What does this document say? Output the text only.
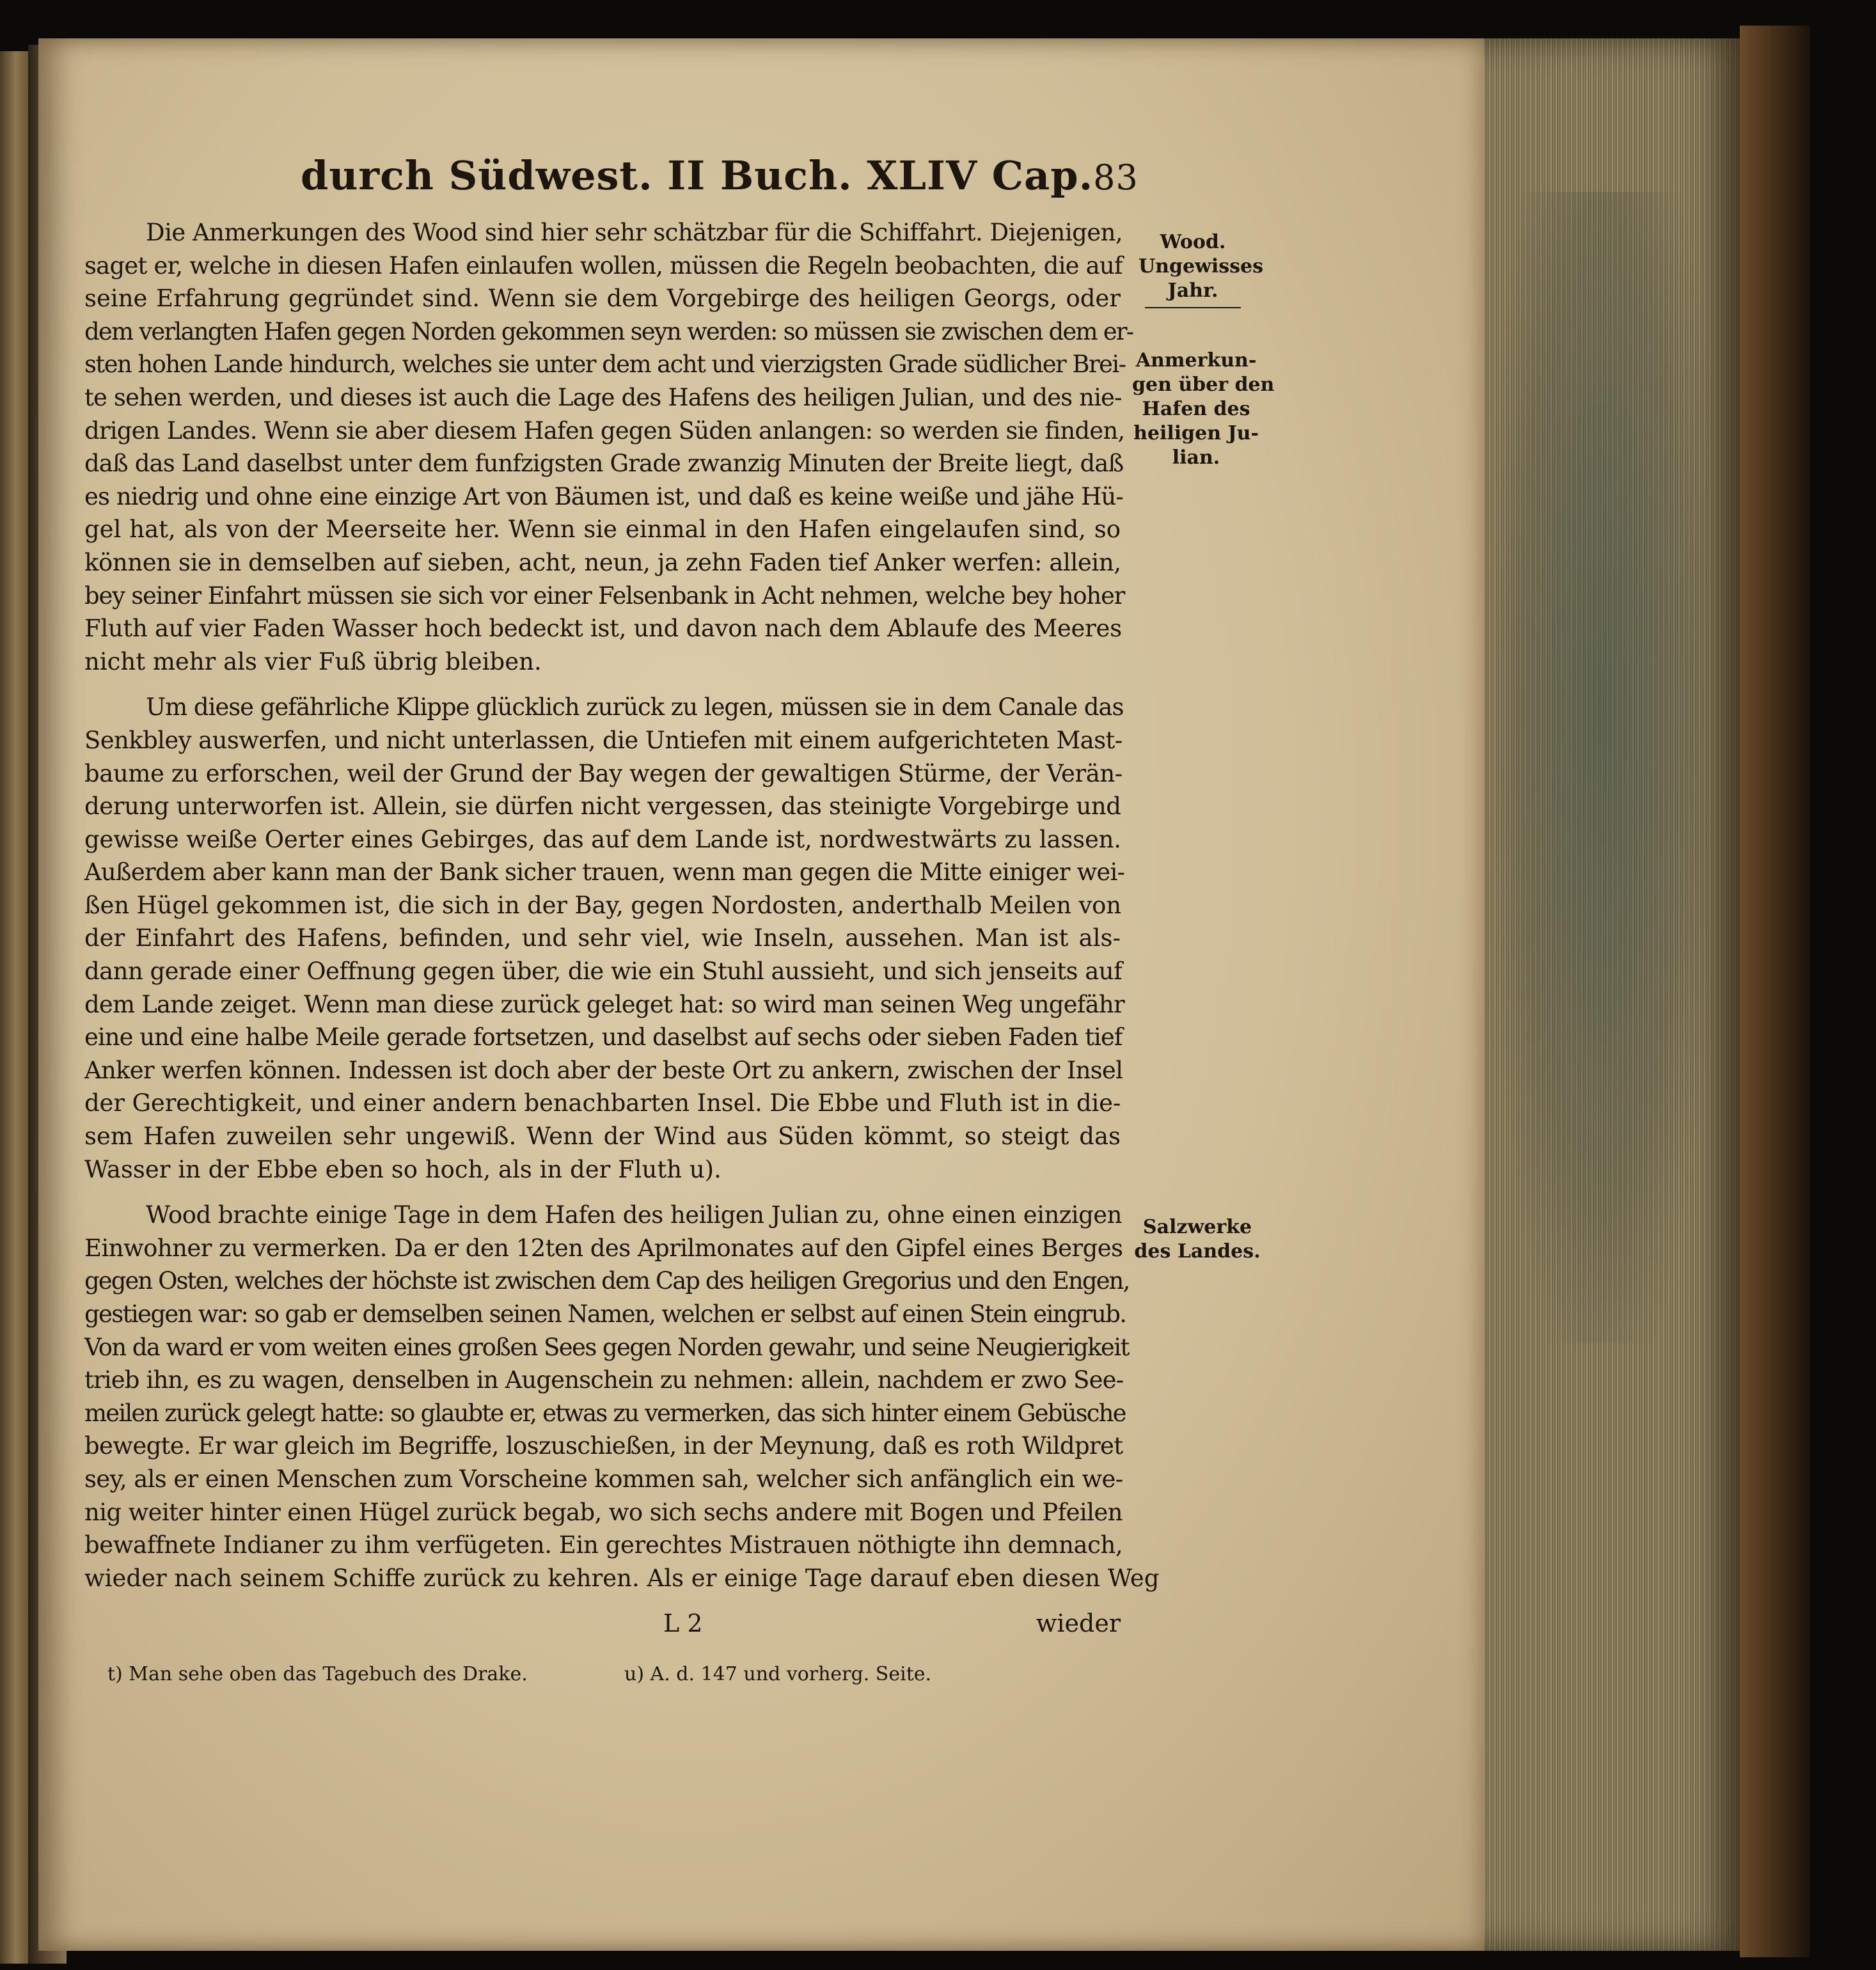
durch Südwest. II Buch. XLIV Cap. 83

Die Anmerkungen des Wood sind hier sehr schätzbar für die Schiffahrt. Diejenigen,
saget er, welche in diesen Hafen einlaufen wollen, müssen die Regeln beobachten, die auf
seine Erfahrung gegründet sind. Wenn sie dem Vorgebirge des heiligen Georgs, oder
dem verlangten Hafen gegen Norden gekommen seyn werden: so müssen sie zwischen dem er-
sten hohen Lande hindurch, welches sie unter dem acht und vierzigsten Grade südlicher Brei-
te sehen werden, und dieses ist auch die Lage des Hafens des heiligen Julian, und des nie-
drigen Landes. Wenn sie aber diesem Hafen gegen Süden anlangen: so werden sie finden,
daß das Land daselbst unter dem funfzigsten Grade zwanzig Minuten der Breite liegt, daß
es niedrig und ohne eine einzige Art von Bäumen ist, und daß es keine weiße und jähe Hü-
gel hat, als von der Meerseite her. Wenn sie einmal in den Hafen eingelaufen sind, so
können sie in demselben auf sieben, acht, neun, ja zehn Faden tief Anker werfen: allein,
bey seiner Einfahrt müssen sie sich vor einer Felsenbank in Acht nehmen, welche bey hoher
Fluth auf vier Faden Wasser hoch bedeckt ist, und davon nach dem Ablaufe des Meeres
nicht mehr als vier Fuß übrig bleiben.

Um diese gefährliche Klippe glücklich zurück zu legen, müssen sie in dem Canale das
Senkbley auswerfen, und nicht unterlassen, die Untiefen mit einem aufgerichteten Mast-
baume zu erforschen, weil der Grund der Bay wegen der gewaltigen Stürme, der Verän-
derung unterworfen ist. Allein, sie dürfen nicht vergessen, das steinigte Vorgebirge und
gewisse weiße Oerter eines Gebirges, das auf dem Lande ist, nordwestwärts zu lassen.
Außerdem aber kann man der Bank sicher trauen, wenn man gegen die Mitte einiger wei-
ßen Hügel gekommen ist, die sich in der Bay, gegen Nordosten, anderthalb Meilen von
der Einfahrt des Hafens, befinden, und sehr viel, wie Inseln, aussehen. Man ist als-
dann gerade einer Oeffnung gegen über, die wie ein Stuhl aussieht, und sich jenseits auf
dem Lande zeiget. Wenn man diese zurück geleget hat: so wird man seinen Weg ungefähr
eine und eine halbe Meile gerade fortsetzen, und daselbst auf sechs oder sieben Faden tief
Anker werfen können. Indessen ist doch aber der beste Ort zu ankern, zwischen der Insel
der Gerechtigkeit, und einer andern benachbarten Insel. Die Ebbe und Fluth ist in die-
sem Hafen zuweilen sehr ungewiß. Wenn der Wind aus Süden kömmt, so steigt das
Wasser in der Ebbe eben so hoch, als in der Fluth u).

Wood brachte einige Tage in dem Hafen des heiligen Julian zu, ohne einen einzigen
Einwohner zu vermerken. Da er den 12ten des Aprilmonates auf den Gipfel eines Berges
gegen Osten, welches der höchste ist zwischen dem Cap des heiligen Gregorius und den Engen,
gestiegen war: so gab er demselben seinen Namen, welchen er selbst auf einen Stein eingrub.
Von da ward er vom weiten eines großen Sees gegen Norden gewahr, und seine Neugierigkeit
trieb ihn, es zu wagen, denselben in Augenschein zu nehmen: allein, nachdem er zwo See-
meilen zurück gelegt hatte: so glaubte er, etwas zu vermerken, das sich hinter einem Gebüsche
bewegte. Er war gleich im Begriffe, loszuschießen, in der Meynung, daß es roth Wildpret
sey, als er einen Menschen zum Vorscheine kommen sah, welcher sich anfänglich ein we-
nig weiter hinter einen Hügel zurück begab, wo sich sechs andere mit Bogen und Pfeilen
bewaffnete Indianer zu ihm verfügeten. Ein gerechtes Mistrauen nöthigte ihn demnach,
wieder nach seinem Schiffe zurück zu kehren. Als er einige Tage darauf eben diesen Weg

Wood.
Ungewisses
Jahr.
Anmerkun-
gen über den
Hafen des
heiligen Ju-
lian.
Salzwerke
des Landes.
L 2	wieder
t) Man sehe oben das Tagebuch des Drake.	u) A. d. 147 und vorherg. Seite.
